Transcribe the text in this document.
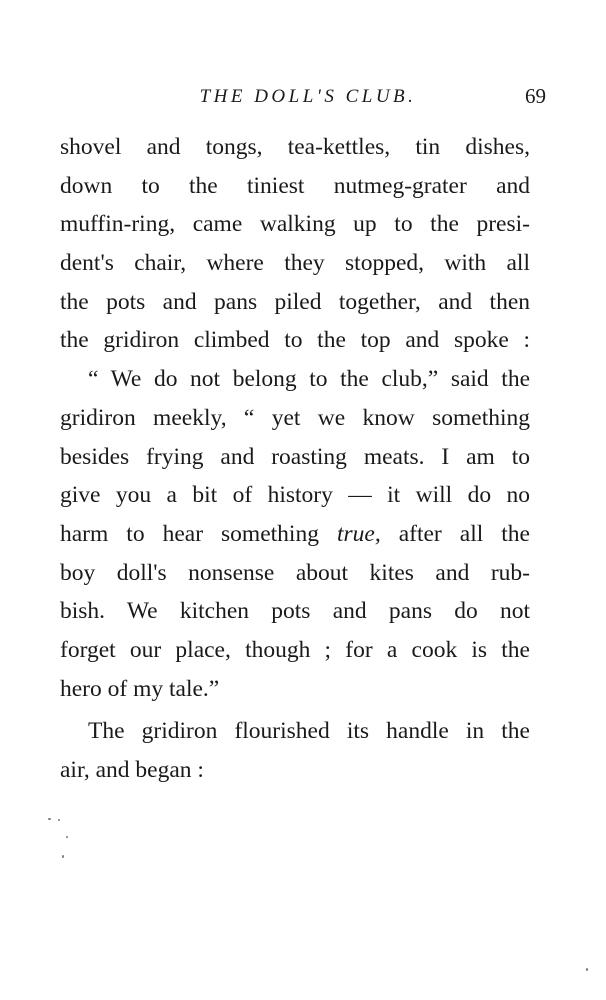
THE DOLL'S CLUB.	69
shovel and tongs, tea-kettles, tin dishes,
down to the tiniest nutmeg-grater and
muffin-ring, came walking up to the presi-
dent's chair, where they stopped, with all
the pots and pans piled together, and then
the gridiron climbed to the top and spoke :
“ We do not belong to the club,” said the
gridiron meekly, “ yet we know something
besides frying and roasting meats. I am to
give you a bit of history — it will do no
harm to hear something true, after all the
boy doll's nonsense about kites and rub-
bish. We kitchen pots and pans do not
forget our place, though ; for a cook is the
hero of my tale.”
The gridiron flourished its handle in the
air, and began :
